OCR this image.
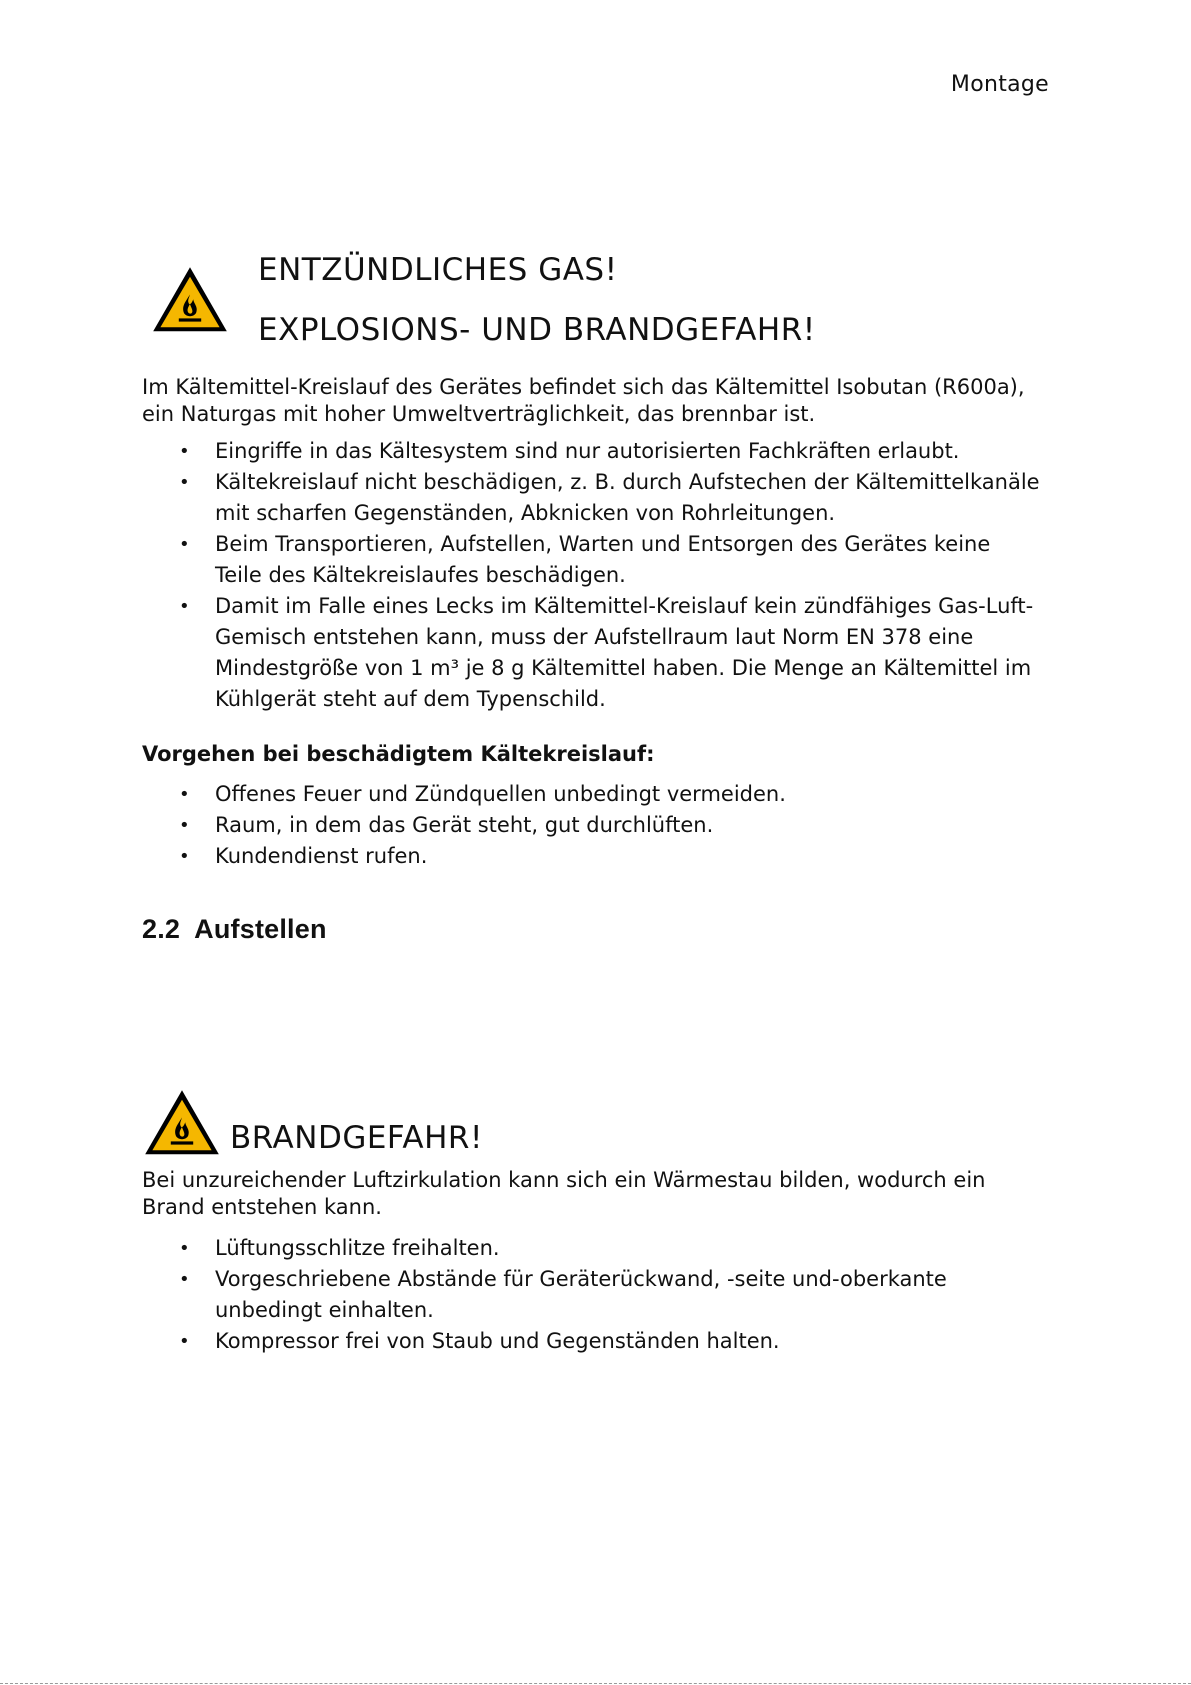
Montage
ENTZÜNDLICHES GAS!
EXPLOSIONS- UND BRANDGEFAHR!

Im Kältemittel-Kreislauf des Gerätes befindet sich das Kältemittel Isobutan (R600a), ein Naturgas mit hoher Umweltverträglichkeit, das brennbar ist.

• Eingriffe in das Kältesystem sind nur autorisierten Fachkräften erlaubt.
• Kältekreislauf nicht beschädigen, z. B. durch Aufstechen der Kältemittelkanäle mit scharfen Gegenständen, Abknicken von Rohrleitungen.
• Beim Transportieren, Aufstellen, Warten und Entsorgen des Gerätes keine Teile des Kältekreislaufes beschädigen.
• Damit im Falle eines Lecks im Kältemittel-Kreislauf kein zündfähiges Gas-Luft-Gemisch entstehen kann, muss der Aufstellraum laut Norm EN 378 eine Mindestgröße von 1 m³ je 8 g Kältemittel haben. Die Menge an Kältemittel im Kühlgerät steht auf dem Typenschild.

Vorgehen bei beschädigtem Kältekreislauf:

• Offenes Feuer und Zündquellen unbedingt vermeiden.
• Raum, in dem das Gerät steht, gut durchlüften.
• Kundendienst rufen.
2.2 Aufstellen
BRANDGEFAHR!

Bei unzureichender Luftzirkulation kann sich ein Wärmestau bilden, wodurch ein Brand entstehen kann.

• Lüftungsschlitze freihalten.
• Vorgeschriebene Abstände für Geräterückwand, -seite und-oberkante unbedingt einhalten.
• Kompressor frei von Staub und Gegenständen halten.
